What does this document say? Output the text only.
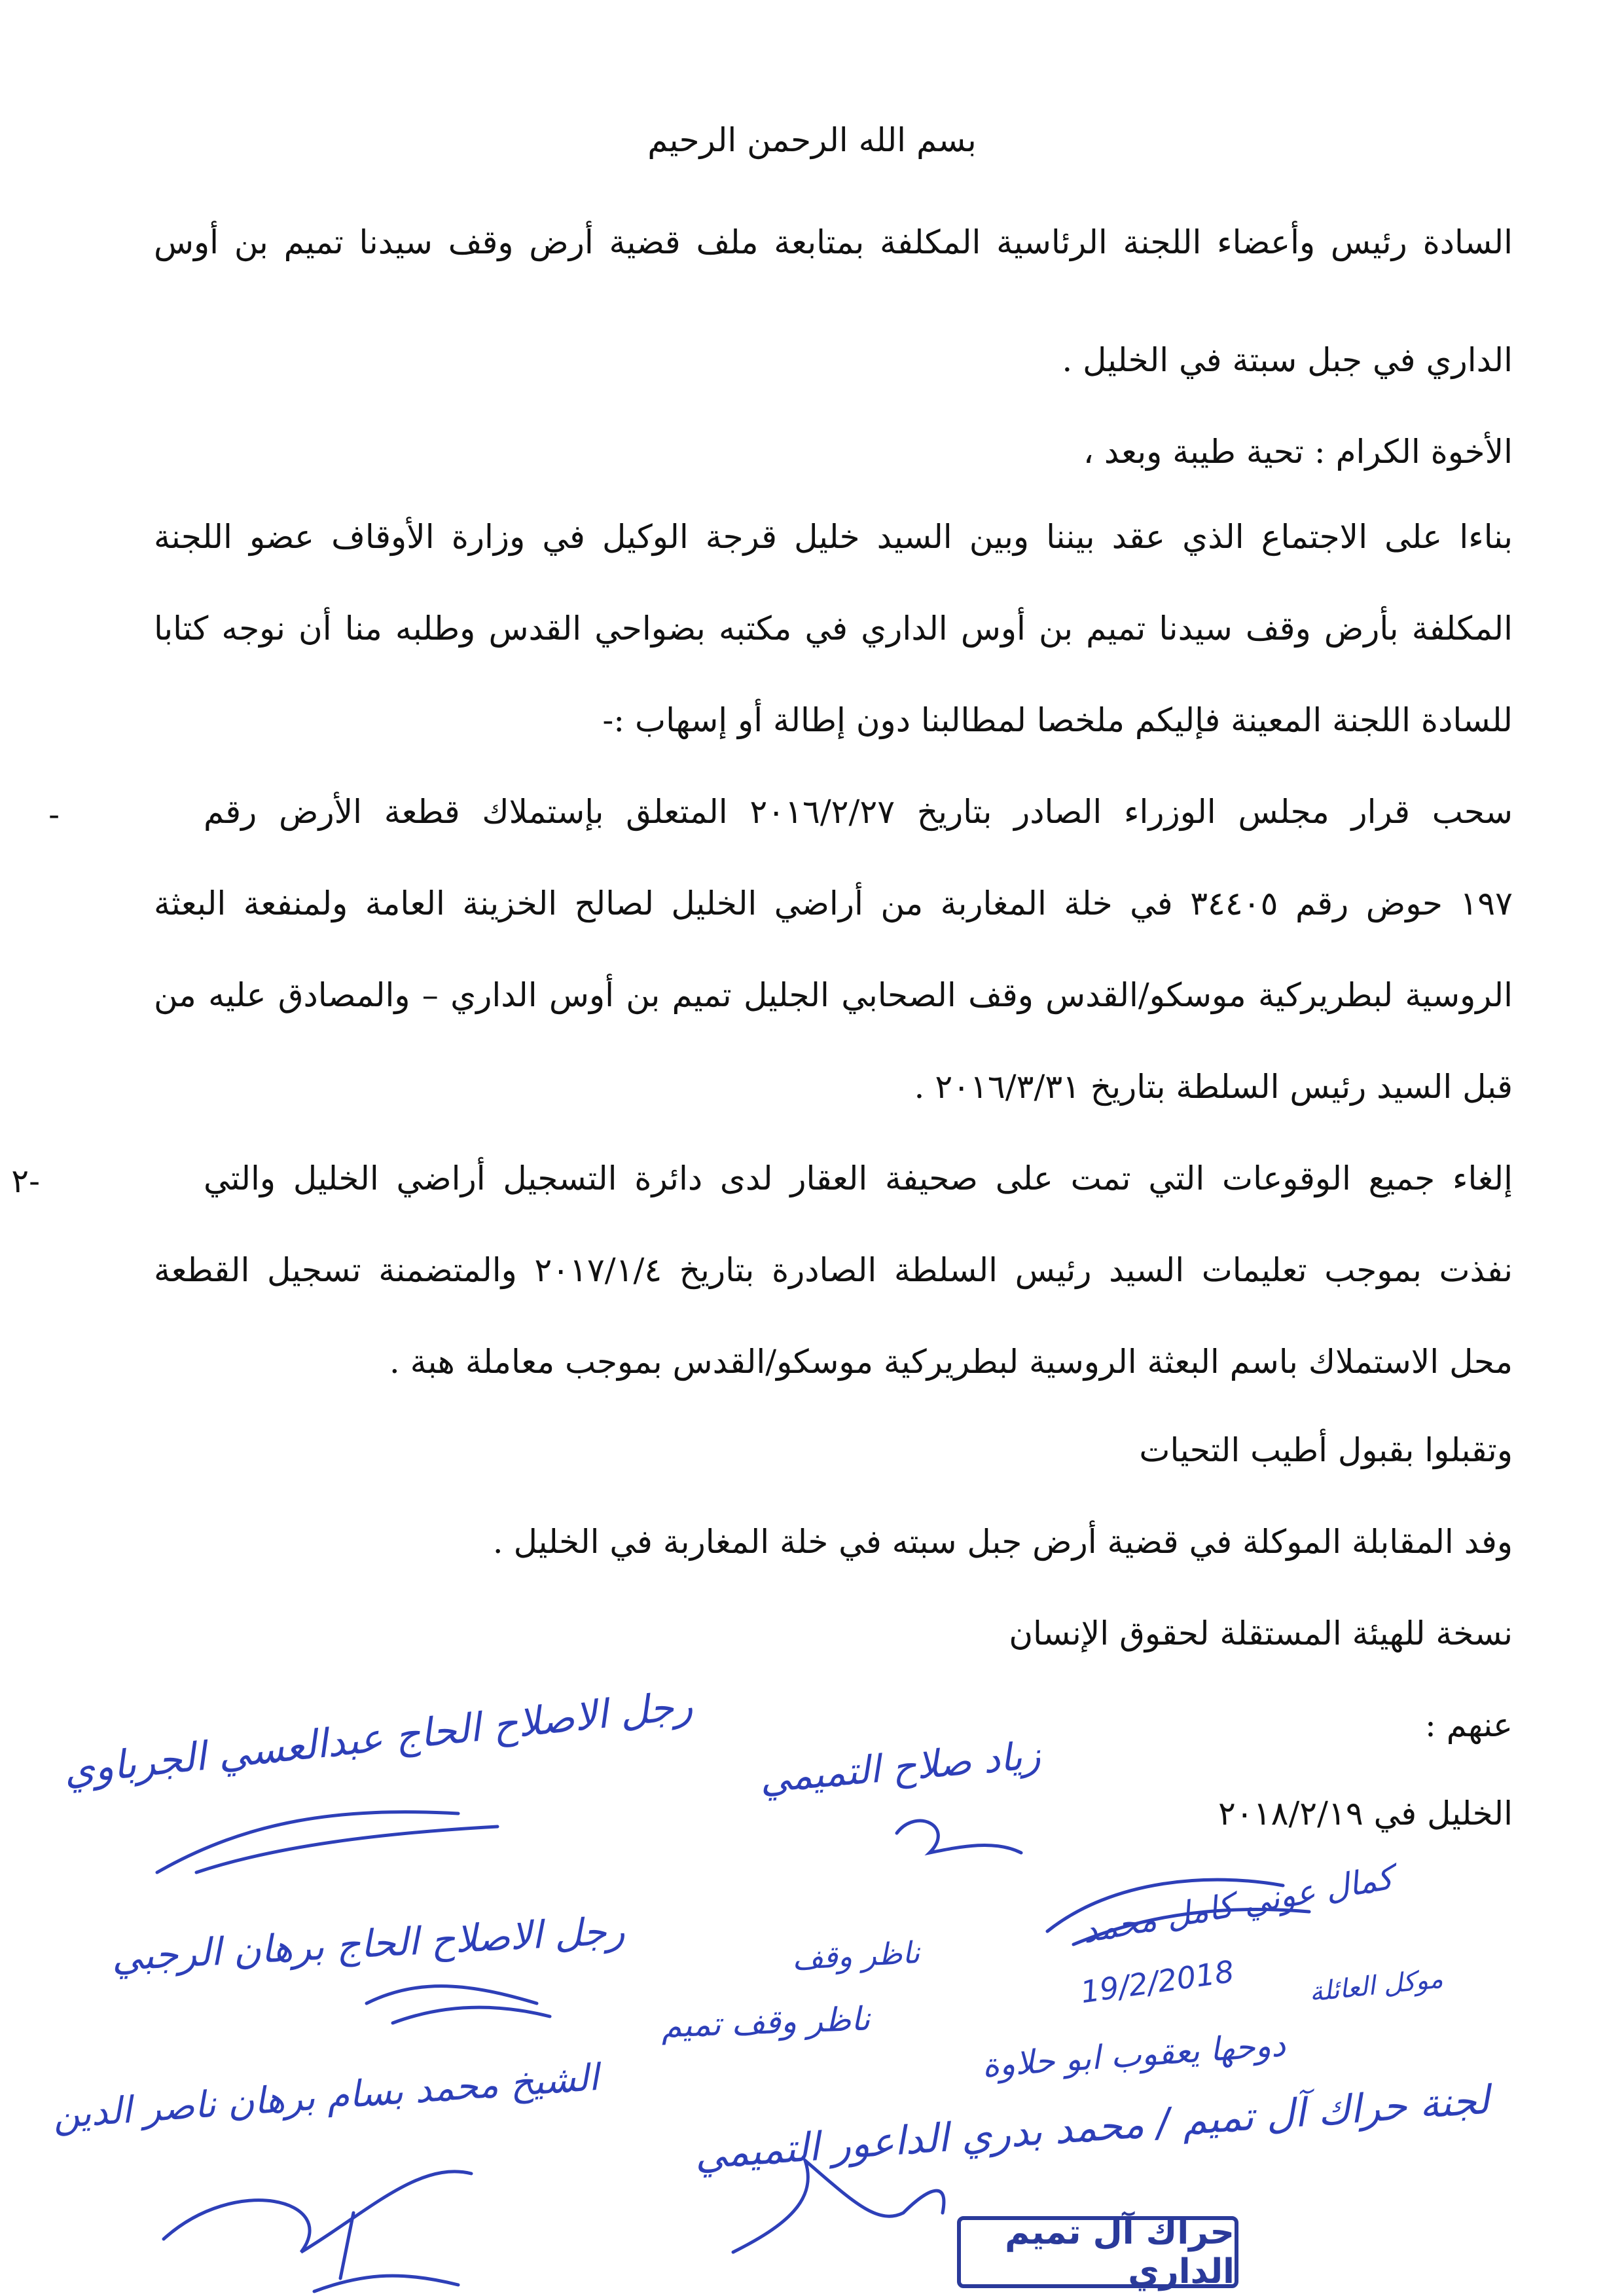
بسم الله الرحمن الرحيم
السادة رئيس وأعضاء اللجنة الرئاسية المكلفة بمتابعة ملف قضية أرض وقف سيدنا تميم بن أوس
الداري في جبل سبتة في الخليل .
الأخوة الكرام : تحية طيبة وبعد ،
بناءا على الاجتماع الذي عقد بيننا وبين السيد خليل قرجة الوكيل في وزارة الأوقاف عضو اللجنة
المكلفة بأرض وقف سيدنا تميم بن أوس الداري في مكتبه بضواحي القدس وطلبه منا أن نوجه كتابا
للسادة اللجنة المعينة فإليكم ملخصا لمطالبنا دون إطالة أو إسهاب :-
-	سحب قرار مجلس الوزراء الصادر بتاريخ ٢٠١٦/٢/٢٧ المتعلق بإستملاك قطعة الأرض رقم
١٩٧ حوض رقم ٣٤٤٠٥ في خلة المغاربة من أراضي الخليل لصالح الخزينة العامة ولمنفعة البعثة
الروسية لبطريركية موسكو/القدس وقف الصحابي الجليل تميم بن أوس الداري – والمصادق عليه من
قبل السيد رئيس السلطة بتاريخ ٢٠١٦/٣/٣١ .
٢-	إلغاء جميع الوقوعات التي تمت على صحيفة العقار لدى دائرة التسجيل أراضي الخليل والتي
نفذت بموجب تعليمات السيد رئيس السلطة الصادرة بتاريخ ٢٠١٧/١/٤ والمتضمنة تسجيل القطعة
محل الاستملاك باسم البعثة الروسية لبطريركية موسكو/القدس بموجب معاملة هبة .
وتقبلوا بقبول أطيب التحيات
وفد المقابلة الموكلة في قضية أرض جبل سبته في خلة المغاربة في الخليل .
نسخة للهيئة المستقلة لحقوق الإنسان
عنهم :
الخليل في ٢٠١٨/٢/١٩
رجل الاصلاح الحاج عبدالعسي الجرباوي
رجل الاصلاح الحاج برهان الرجبي
الشيخ محمد بسام برهان ناصر الدين
زياد صلاح التميمي
ناظر وقف
ناظر وقف تميم
كمال عوني كامل محمد
19/2/2018	موكل العائلة
دوحها يعقوب ابو حلاوة
لجنة حراك آل تميم / محمد بدري الداعور التميمي
حراك آل تميم الداري
